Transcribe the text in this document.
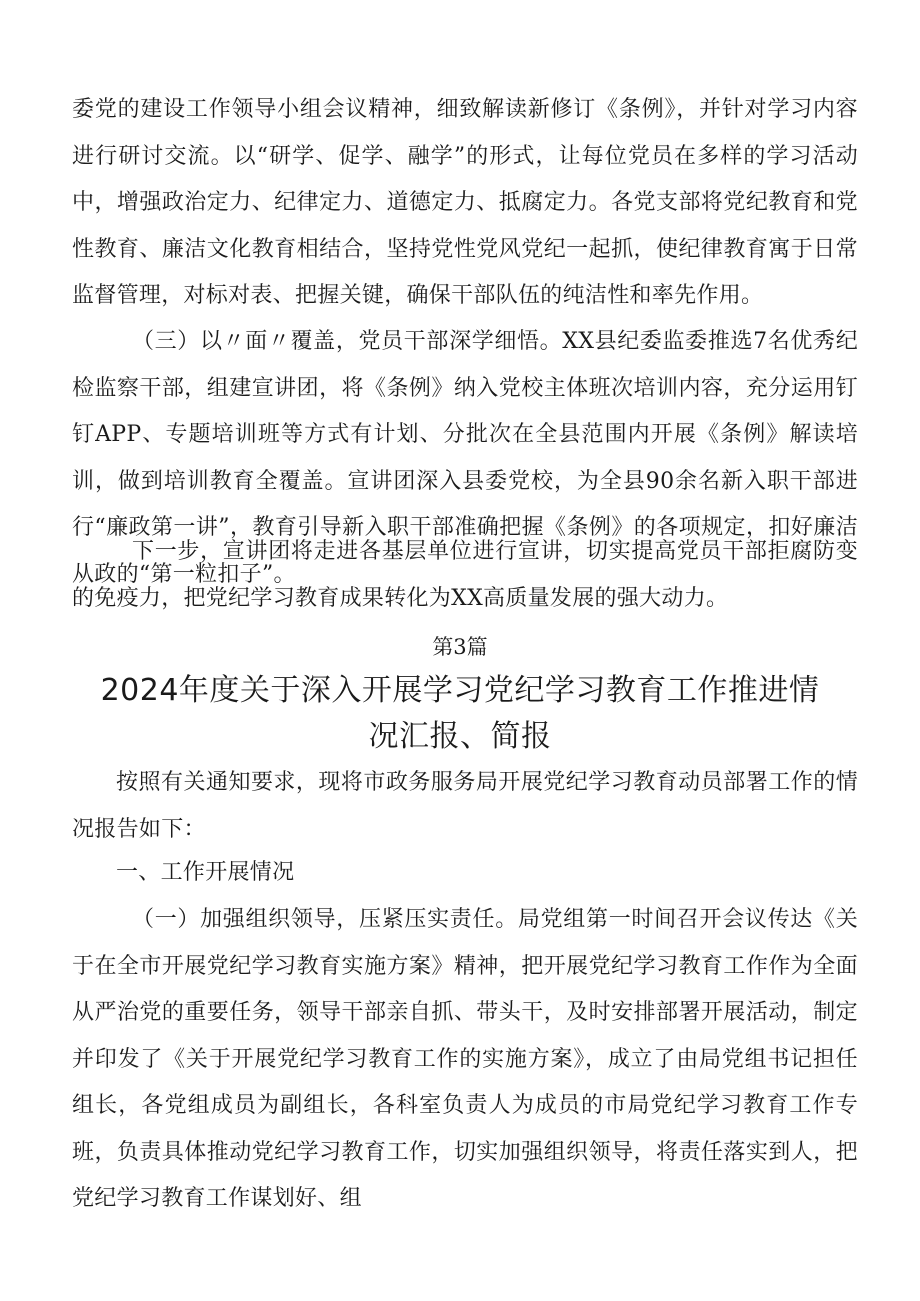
委党的建设工作领导小组会议精神，细致解读新修订《条例》，并针对学习内容进行研讨交流。以“研学、促学、融学”的形式，让每位党员在多样的学习活动中，增强政治定力、纪律定力、道德定力、抵腐定力。各党支部将党纪教育和党性教育、廉洁文化教育相结合，坚持党性党风党纪一起抓，使纪律教育寓于日常监督管理，对标对表、把握关键，确保干部队伍的纯洁性和率先作用。

（三）以〃面〃覆盖，党员干部深学细悟。XX县纪委监委推选7名优秀纪检监察干部，组建宣讲团，将《条例》纳入党校主体班次培训内容，充分运用钉钉APP、专题培训班等方式有计划、分批次在全县范围内开展《条例》解读培训，做到培训教育全覆盖。宣讲团深入县委党校，为全县90余名新入职干部进行“廉政第一讲”，教育引导新入职干部准确把握《条例》的各项规定，扣好廉洁从政的“第一粒扣子”。

下一步，宣讲团将走进各基层单位进行宣讲，切实提高党员干部拒腐防变的免疫力，把党纪学习教育成果转化为XX高质量发展的强大动力。

第3篇

2024年度关于深入开展学习党纪学习教育工作推进情况汇报、简报

按照有关通知要求，现将市政务服务局开展党纪学习教育动员部署工作的情况报告如下：

一、工作开展情况

（一）加强组织领导，压紧压实责任。局党组第一时间召开会议传达《关于在全市开展党纪学习教育实施方案》精神，把开展党纪学习教育工作作为全面从严治党的重要任务，领导干部亲自抓、带头干，及时安排部署开展活动，制定并印发了《关于开展党纪学习教育工作的实施方案》，成立了由局党组书记担任组长，各党组成员为副组长，各科室负责人为成员的市局党纪学习教育工作专班，负责具体推动党纪学习教育工作，切实加强组织领导，将责任落实到人，把党纪学习教育工作谋划好、组
